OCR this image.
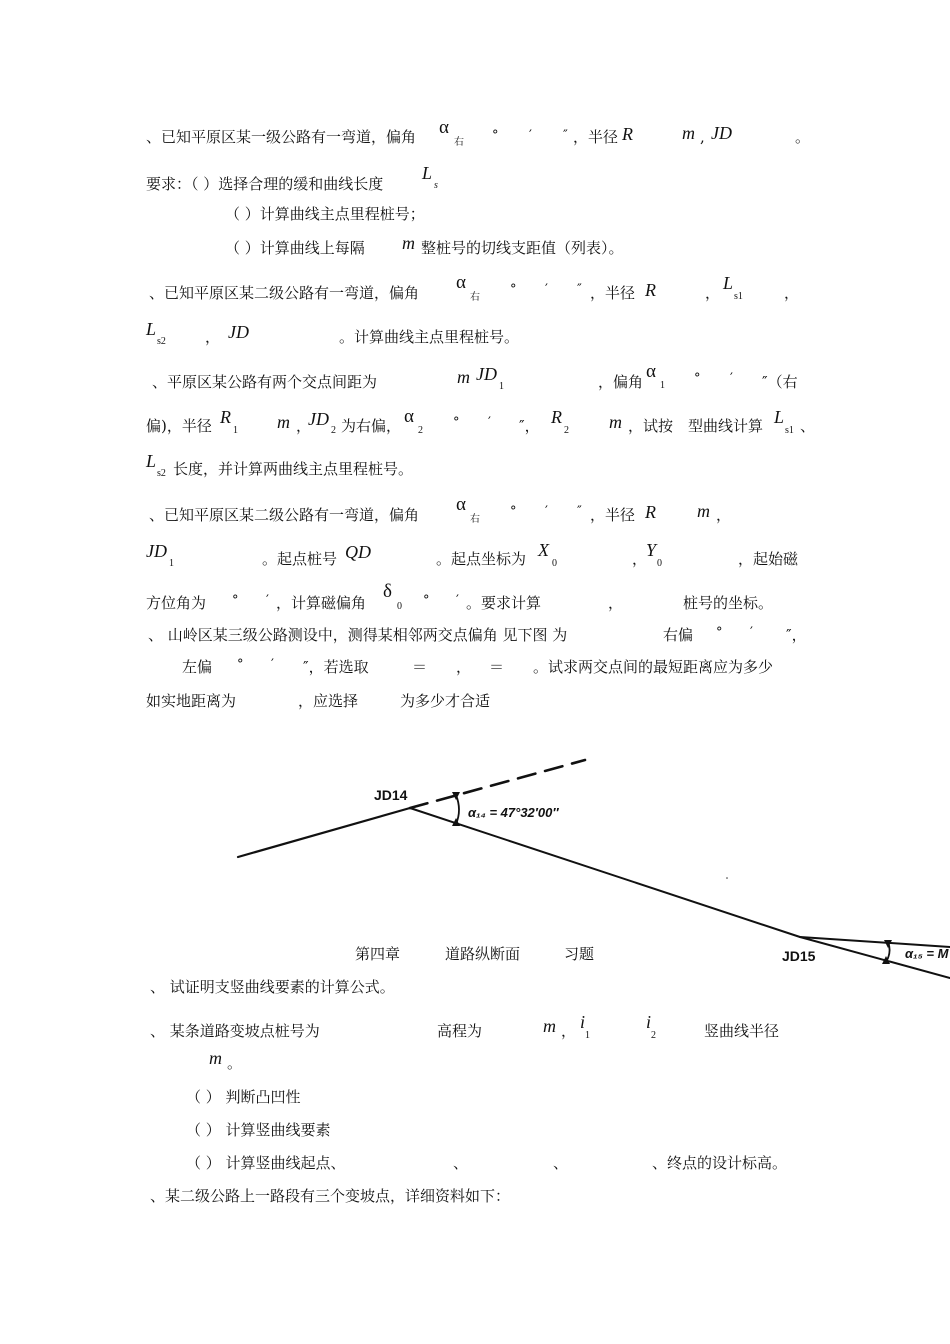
、已知平原区某一级公路有一弯道，偏角 α
右 ° ′ ″ ，半径 R	m , JD	。
要求：（ ）选择合理的缓和曲线长度
L
s
（ ）计算曲线主点里程桩号；
（ ）计算曲线上每隔 m 整桩号的切线支距值（列表）。
、已知平原区某二级公路有一弯道，偏角 α
右
° ′ ″ ，半径 R	， L
s1	，
L
s2	， JD	。计算曲线主点里程桩号。
、平原区某公路有两个交点间距为	m JD
1	，偏角 α
1 ° ′ ″（右
偏)，半径 R
1 m ，
JD
2 为右偏， α
2
° ′ ″， R
2 m ，试按 型曲线计算 L
s1 、
L
s2 长度，并计算两曲线主点里程桩号。
、已知平原区某二级公路有一弯道，偏角 α
右
° ′ ″ ，半径 R m ，
JD
1	。起点桩号 QD	。起点坐标为 X
0	，
Y
0	，起始磁
方位角为 ° ′ ，计算磁偏角
δ
0 ° ′ 。要求计算	，	桩号的坐标。
、 山岭区某三级公路测设中，测得某相邻两交点偏角 见下图 为	右偏 ° ′ ″，
左偏 ° ′ ″，若选取	＝ ， ＝ 。试求两交点间的最短距离应为多少
如实地距离为	，应选择	为多少才合适
JD14
α₁₄ = 47°32′00″
JD15	α₁₅ = M
第四章	道路纵断面	习题
、 试证明支竖曲线要素的计算公式。
、 某条道路变坡点桩号为	高程为	m ， i
1
i
2	竖曲线半径
m 。
（ ） 判断凸凹性
（ ） 计算竖曲线要素
（ ） 计算竖曲线起点、	、	、	、终点的设计标高。
、某二级公路上一路段有三个变坡点，详细资料如下：
